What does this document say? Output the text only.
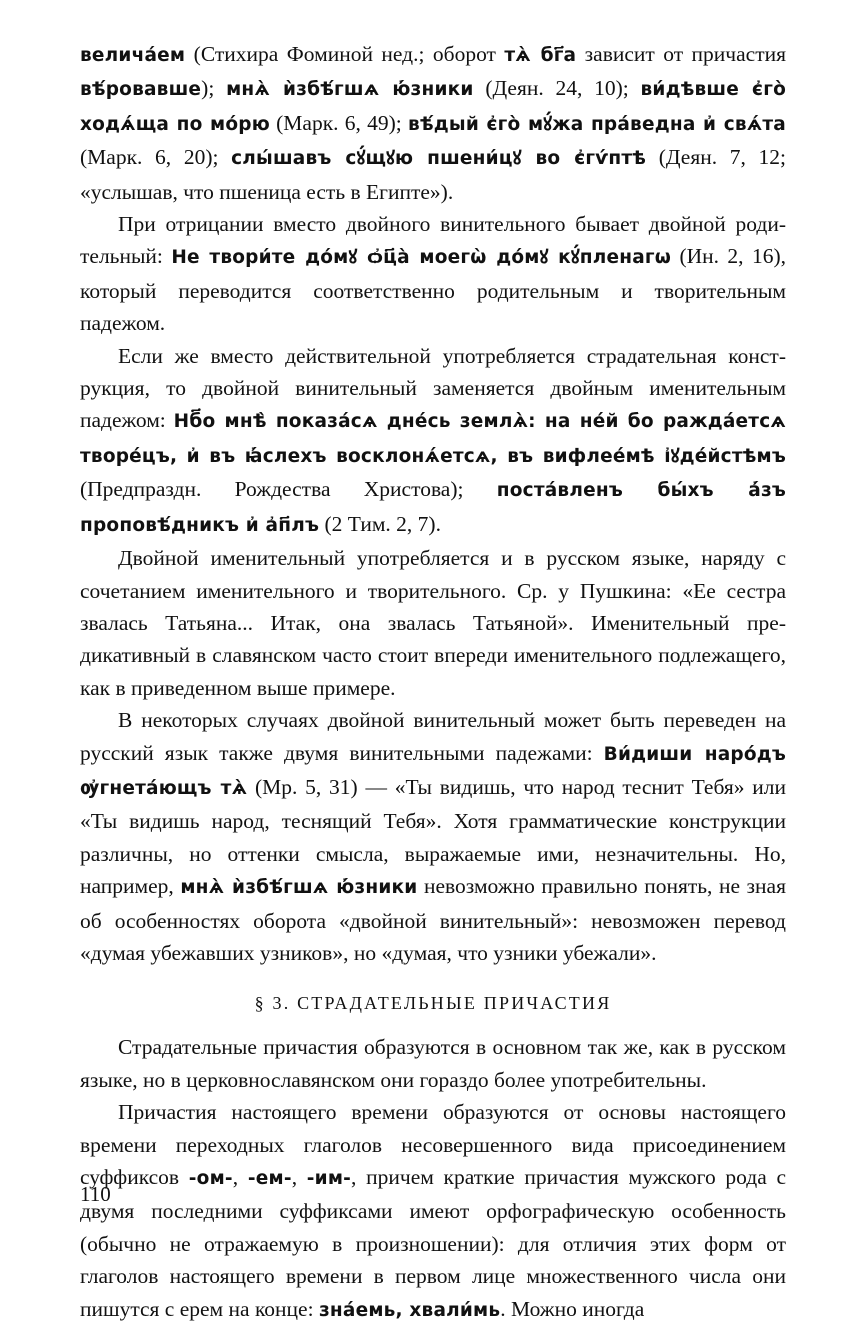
велича́ем (Стихира Фоминой нед.; оборот тѧ̀ бг҃а зависит от причастия вѣ́ровавше); мнѧ̀ ѝзбѣ́гшѧ ю҆́зники (Деян. 24, 10); ви́дѣвше є҆го̀ ходѧ́ща по мо́рю (Марк. 6, 49); вѣ́дый є҆го̀ мꙋ́жа пра́ведна и҆ свѧ́та (Марк. 6, 20); слы́шавъ сꙋ́щꙋю пшени́цꙋ во є҆гѵ́птѣ (Деян. 7, 12; «услышав, что пшеница есть в Египте»).

При отрицании вместо двойного винительного бывает двойной родительный: Не твори́те до́мꙋ ѻ҆ц҃а̀ моегѡ̀ до́мꙋ кꙋ́пленагѡ (Ин. 2, 16), который переводится соответственно родительным и творительным падежом.

Если же вместо действительной употребляется страдательная конструкция, то двойной винительный заменяется двойным именительным падежом: Нб҃о мнѣ̀ показа́сѧ дне́сь землѧ̀: на не́й бо ражда́етсѧ творе́цъ, и҆ въ ꙗ҆́слехъ восклонѧ́етсѧ, въ вифлее́мѣ і҆ꙋде́йстѣмъ (Предпраздн. Рождества Христова); поста́вленъ бы́хъ а҆́зъ проповѣ́дникъ и҆ а҆п҃лъ (2 Тим. 2, 7).

Двойной именительный употребляется и в русском языке, наряду с сочетанием именительного и творительного. Ср. у Пушкина: «Ее сестра звалась Татьяна... Итак, она звалась Татьяной». Именительный предикативный в славянском часто стоит впереди именительного подлежащего, как в приведенном выше примере.

В некоторых случаях двойной винительный может быть переведен на русский язык также двумя винительными падежами: Ви́диши наро́дъ ѹ҆гнета́ющъ тѧ̀ (Мр. 5, 31) — «Ты видишь, что народ теснит Тебя» или «Ты видишь народ, теснящий Тебя». Хотя грамматические конструкции различны, но оттенки смысла, выражаемые ими, незначительны. Но, например, мнѧ̀ ѝзбѣ́гшѧ ю҆́зники невозможно правильно понять, не зная об особенностях оборота «двойной винительный»: невозможен перевод «думая убежавших узников», но «думая, что узники убежали».

§ 3. СТРАДАТЕЛЬНЫЕ ПРИЧАСТИЯ

Страдательные причастия образуются в основном так же, как в русском языке, но в церковнославянском они гораздо более употребительны.

Причастия настоящего времени образуются от основы настоящего времени переходных глаголов несовершенного вида присоединением суффиксов -ом-, -ем-, -им-, причем краткие причастия мужского рода с двумя последними суффиксами имеют орфографическую особенность (обычно не отражаемую в произношении): для отличия этих форм от глаголов настоящего времени в первом лице множественного числа они пишутся с ерем на конце: зна́емь, хвали́мь. Можно иногда

110
